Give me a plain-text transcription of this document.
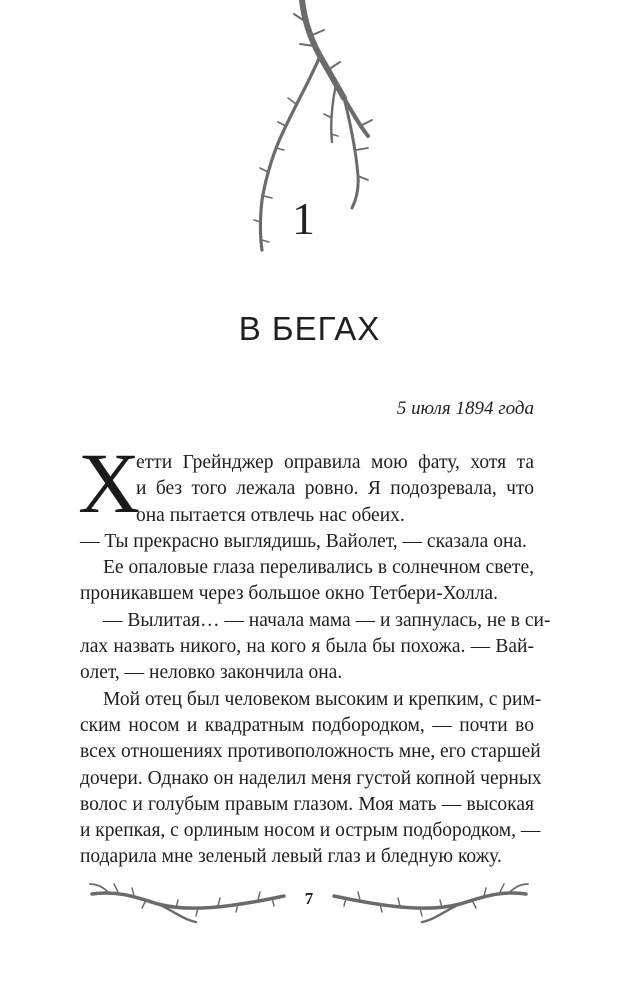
1
В БЕГАХ
5 июля 1894 года
Х
етти Грейнджер оправила мою фату, хотя та
и без того лежала ровно. Я подозревала, что
она пытается отвлечь нас обеих.
— Ты прекрасно выглядишь, Вайолет, — сказала она.
Ее опаловые глаза переливались в солнечном свете,
проникавшем через большое окно Тетбери-Холла.
— Вылитая… — начала мама — и запнулась, не в си-
лах назвать никого, на кого я была бы похожа. — Вай-
олет, — неловко закончила она.
Мой отец был человеком высоким и крепким, с рим-
ским носом и квадратным подбородком, — почти во
всех отношениях противоположность мне, его старшей
дочери. Однако он наделил меня густой копной черных
волос и голубым правым глазом. Моя мать — высокая
и крепкая, с орлиным носом и острым подбородком, —
подарила мне зеленый левый глаз и бледную кожу.
7
